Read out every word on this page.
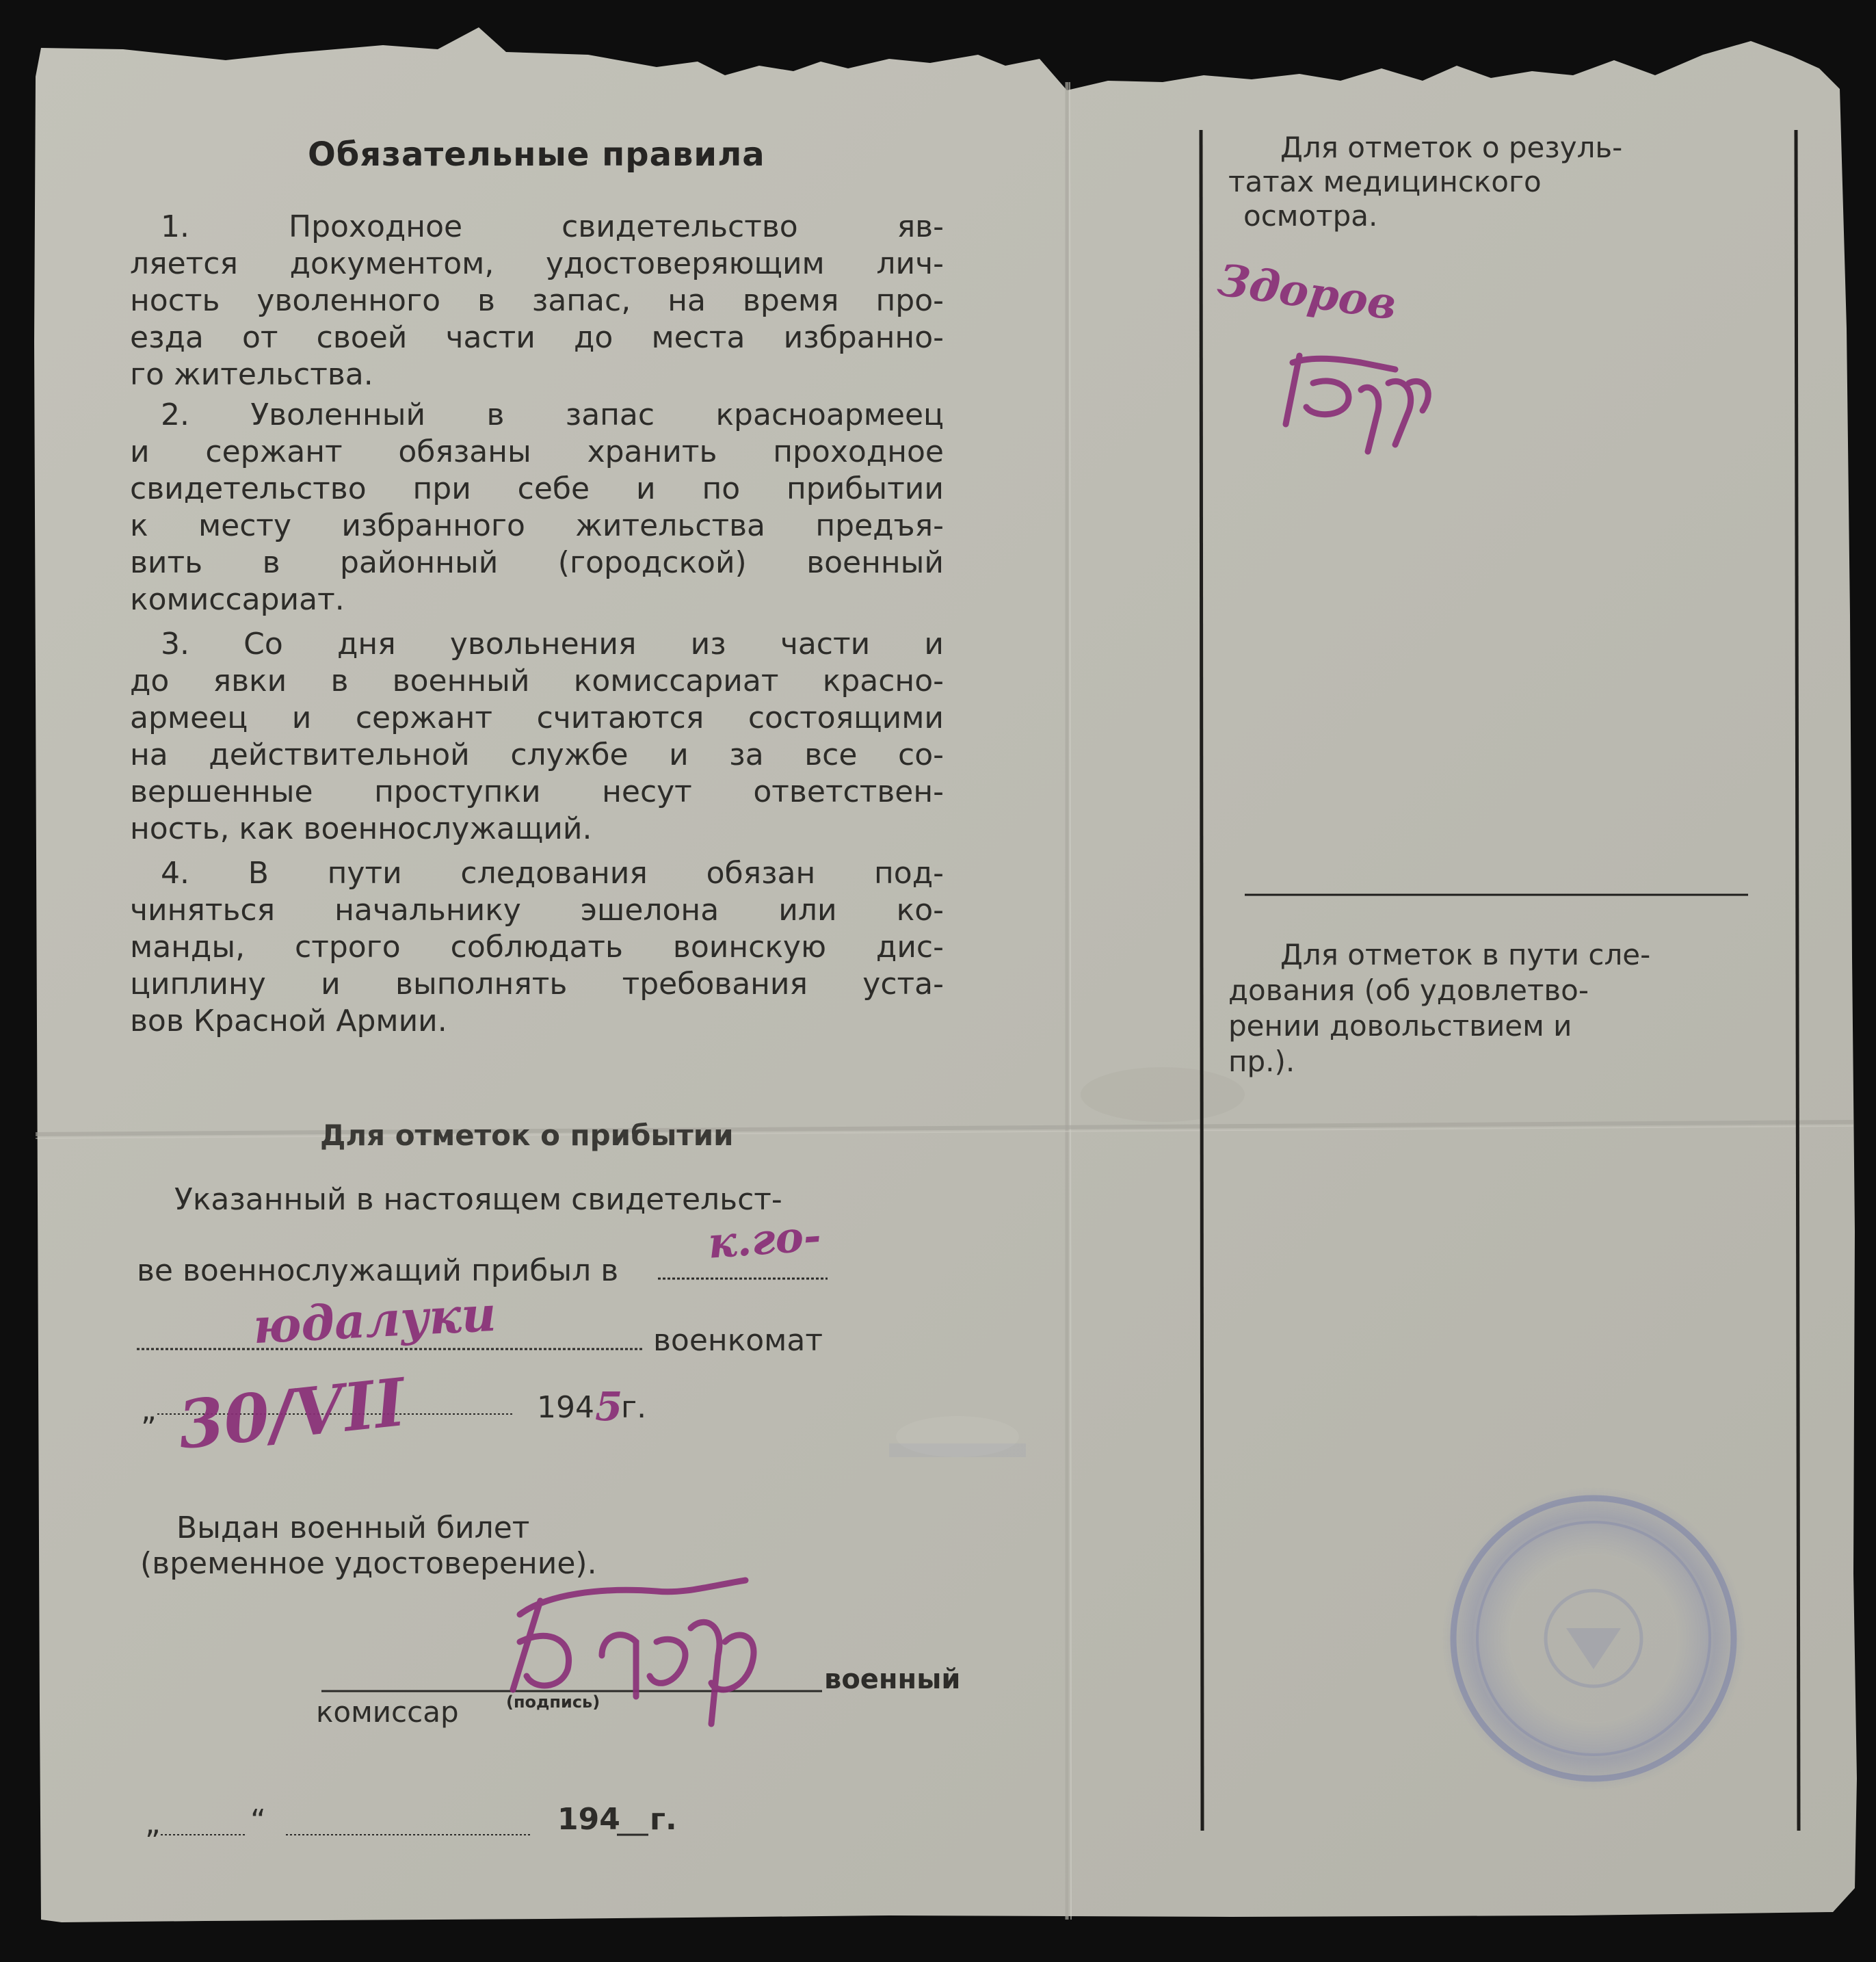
Обязательные правила
1. Проходное свидетельство яв-
ляется документом, удостоверяющим лич-
ность уволенного в запас, на время про-
езда от своей части до места избранно-
го жительства.
2. Уволенный в запас красноармеец
и сержант обязаны хранить проходное
свидетельство при себе и по прибытии
к месту избранного жительства предъя-
вить в районный (городской) военный
комиссариат.
3. Со дня увольнения из части и
до явки в военный комиссариат красно-
армеец и сержант считаются состоящими
на действительной службе и за все со-
вершенные проступки несут ответствен-
ность, как военнослужащий.
4. В пути следования обязан под-
чиняться начальнику эшелона или ко-
манды, строго соблюдать воинскую дис-
циплину и выполнять требования уста-
вов Красной Армии.
Для отметок о прибытии
Указанный в настоящем свидетельст-
ве военнослужащий прибыл в
военкомат
„	194 5
г.
Выдан военный билет
(временное удостоверение).
военный
(подпись)
комиссар
„	“	194 г.
к.го-
юдалуки
30/VII
Здоров
Для отметок о резуль-
татах медицинского
осмотра.
Для отметок в пути сле-
дования (об удовлетво-
рении довольствием и
пр.).
